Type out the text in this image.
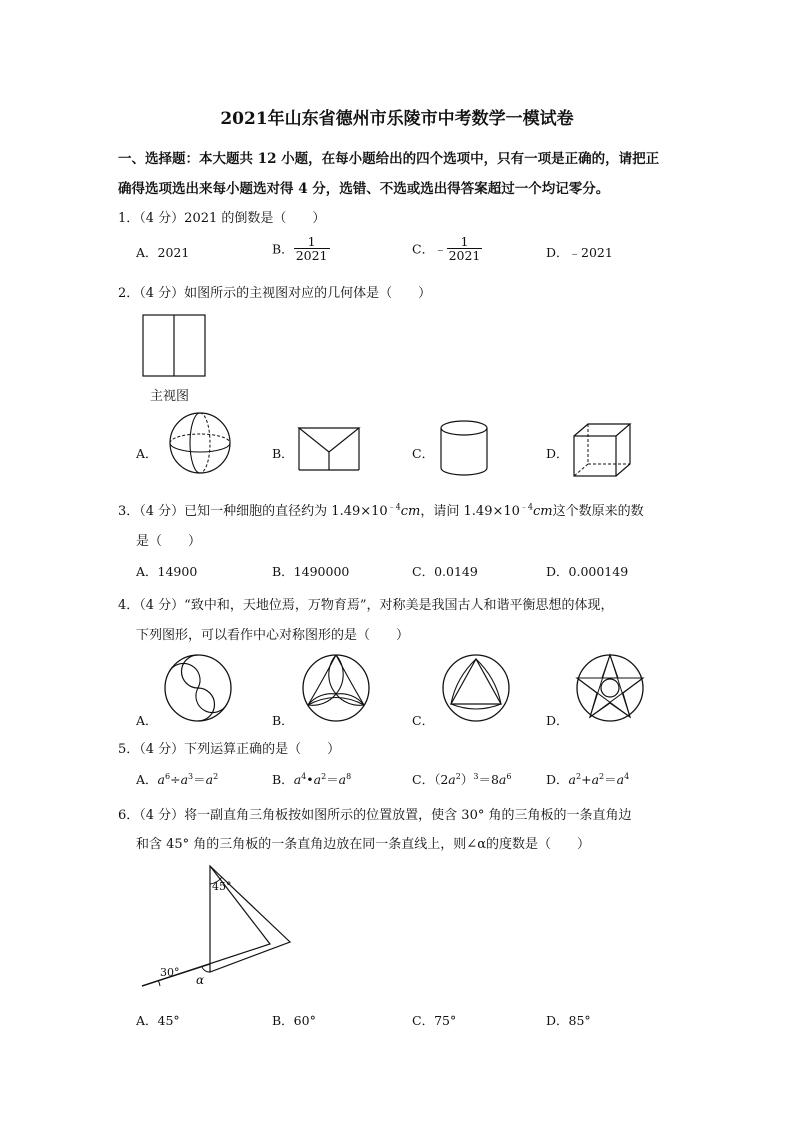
2021年山东省德州市乐陵市中考数学一模试卷
一、选择题：本大题共 12 小题，在每小题给出的四个选项中，只有一项是正确的，请把正
确得选项选出来每小题选对得 4 分，选错、不选或选出得答案超过一个均记零分。
1．（4 分）2021 的倒数是（　　）
A．2021	B． $\frac{1}{2021}$	C．﹣ $\frac{1}{2021}$	D．﹣2021
2．（4 分）如图所示的主视图对应的几何体是（　　）
主视图
A．	B．	C．	D．
3．（4 分）已知一种细胞的直径约为 $1.49\times 10^{﹣4}cm$，请问 $1.49\times 10^{﹣4}cm$这个数原来的数
是（　　）
A．14900	B．1490000	C．0.0149	D．0.000149
4．（4 分）“致中和，天地位焉，万物育焉”，对称美是我国古人和谐平衡思想的体现，
下列图形，可以看作中心对称图形的是（　　）
A．	B．	C．	D．
5．（4 分）下列运算正确的是（　　）
A．$a^6\div a^3=a^2$	B．$a^4•a^2=a^8$	C．$(2a^2)^3=8a^6$	D．$a^2+a^2=a^4$
6．（4 分）将一副直角三角板按如图所示的位置放置，使含 30° 角的三角板的一条直角边
和含 45° 角的三角板的一条直角边放在同一条直线上，则∠α的度数是（　　）
45°
30°
α
A．45°	B．60°	C．75°	D．85°
